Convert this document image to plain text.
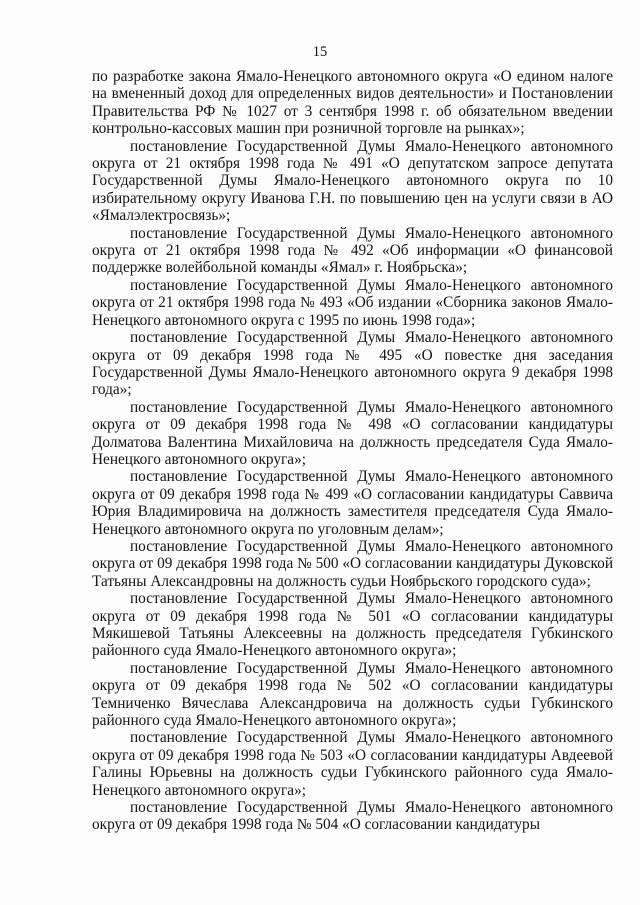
15

по разработке закона Ямало-Ненецкого автономного округа «О едином налоге на вмененный доход для определенных видов деятельности» и Постановлении Правительства РФ № 1027 от 3 сентября 1998 г. об обязательном введении контрольно-кассовых машин при розничной торговле на рынках»;

постановление Государственной Думы Ямало-Ненецкого автономного округа от 21 октября 1998 года № 491 «О депутатском запросе депутата Государственной Думы Ямало-Ненецкого автономного округа по 10 избирательному округу Иванова Г.Н. по повышению цен на услуги связи в АО «Ямалэлектросвязь»;

постановление Государственной Думы Ямало-Ненецкого автономного округа от 21 октября 1998 года № 492 «Об информации «О финансовой поддержке волейбольной команды «Ямал» г. Ноябрьска»;

постановление Государственной Думы Ямало-Ненецкого автономного округа от 21 октября 1998 года № 493 «Об издании «Сборника законов Ямало-Ненецкого автономного округа с 1995 по июнь 1998 года»;

постановление Государственной Думы Ямало-Ненецкого автономного округа от 09 декабря 1998 года № 495 «О повестке дня заседания Государственной Думы Ямало-Ненецкого автономного округа 9 декабря 1998 года»;

постановление Государственной Думы Ямало-Ненецкого автономного округа от 09 декабря 1998 года № 498 «О согласовании кандидатуры Долматова Валентина Михайловича на должность председателя Суда Ямало-Ненецкого автономного округа»;

постановление Государственной Думы Ямало-Ненецкого автономного округа от 09 декабря 1998 года № 499 «О согласовании кандидатуры Саввича Юрия Владимировича на должность заместителя председателя Суда Ямало-Ненецкого автономного округа по уголовным делам»;

постановление Государственной Думы Ямало-Ненецкого автономного округа от 09 декабря 1998 года № 500 «О согласовании кандидатуры Дуковской Татьяны Александровны на должность судьи Ноябрьского городского суда»;

постановление Государственной Думы Ямало-Ненецкого автономного округа от 09 декабря 1998 года № 501 «О согласовании кандидатуры Мякишевой Татьяны Алексеевны на должность председателя Губкинского районного суда Ямало-Ненецкого автономного округа»;

постановление Государственной Думы Ямало-Ненецкого автономного округа от 09 декабря 1998 года № 502 «О согласовании кандидатуры Темниченко Вячеслава Александровича на должность судьи Губкинского районного суда Ямало-Ненецкого автономного округа»;

постановление Государственной Думы Ямало-Ненецкого автономного округа от 09 декабря 1998 года № 503 «О согласовании кандидатуры Авдеевой Галины Юрьевны на должность судьи Губкинского районного суда Ямало-Ненецкого автономного округа»;

постановление Государственной Думы Ямало-Ненецкого автономного округа от 09 декабря 1998 года № 504 «О согласовании кандидатуры
